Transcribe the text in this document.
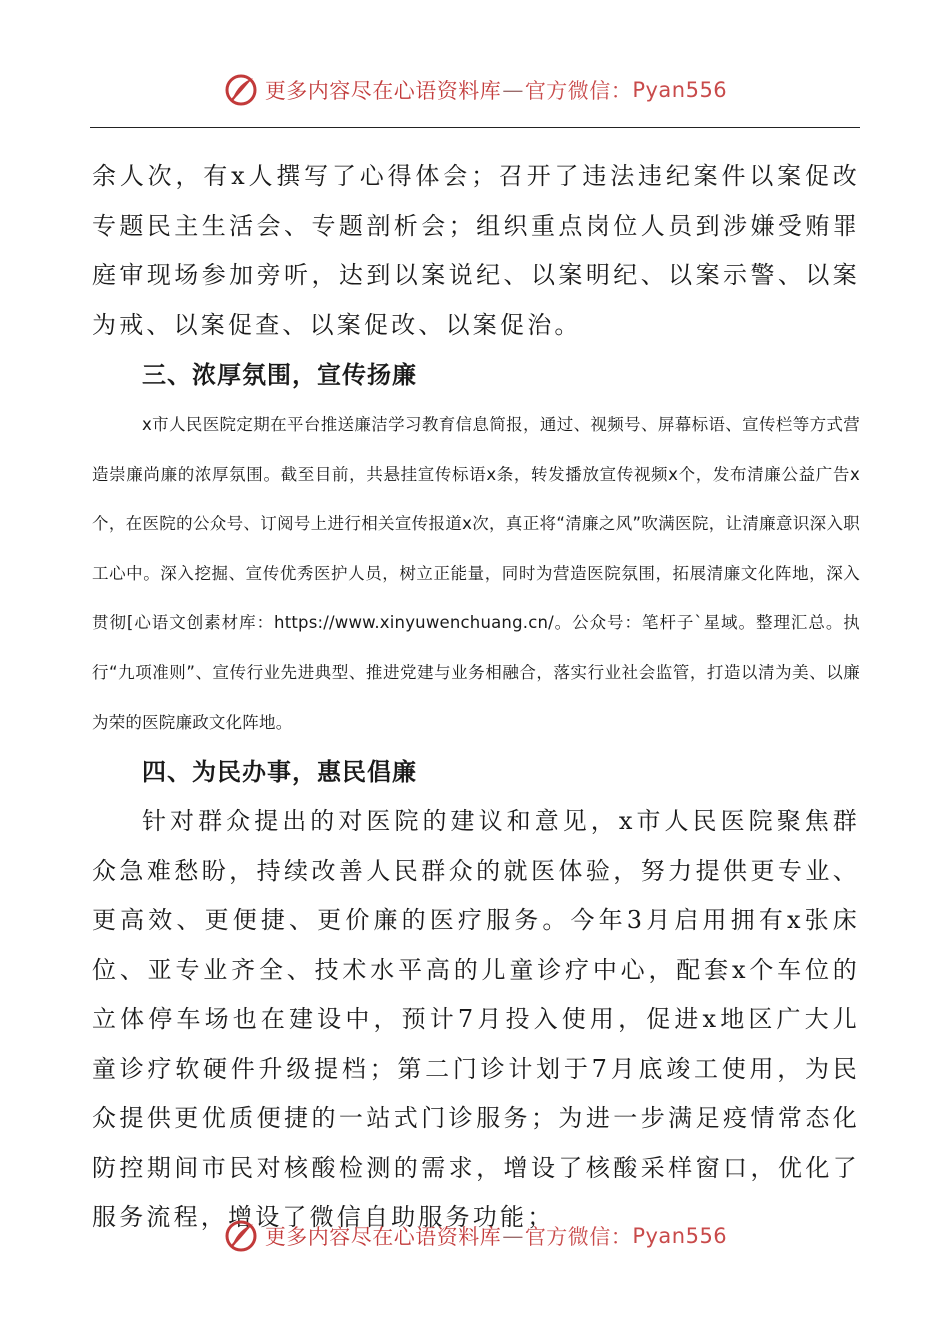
更多内容尽在心语资料库 — 官方微信： Pyan556

余人次，有x人撰写了心得体会；召开了违法违纪案件以案促改专题民主生活会、专题剖析会；组织重点岗位人员到涉嫌受贿罪庭审现场参加旁听，达到以案说纪、以案明纪、以案示警、以案为戒、以案促查、以案促改、以案促治。

三、浓厚氛围，宣传扬廉

x市人民医院定期在平台推送廉洁学习教育信息简报，通过、视频号、屏幕标语、宣传栏等方式营造崇廉尚廉的浓厚氛围。截至目前，共悬挂宣传标语x条，转发播放宣传视频x个，发布清廉公益广告x个，在医院的公众号、订阅号上进行相关宣传报道x次，真正将“清廉之风”吹满医院，让清廉意识深入职工心中。深入挖掘、宣传优秀医护人员，树立正能量，同时为营造医院氛围，拓展清廉文化阵地，深入贯彻[心语文创素材库：https://www.xinyuwenchuang.cn/。公众号：笔杆子`星域。整理汇总。执行“九项准则”、宣传行业先进典型、推进党建与业务相融合，落实行业社会监管，打造以清为美、以廉为荣的医院廉政文化阵地。

四、为民办事，惠民倡廉

针对群众提出的对医院的建议和意见，x市人民医院聚焦群众急难愁盼，持续改善人民群众的就医体验，努力提供更专业、更高效、更便捷、更价廉的医疗服务。今年3月启用拥有x张床位、亚专业齐全、技术水平高的儿童诊疗中心，配套x个车位的立体停车场也在建设中，预计7月投入使用，促进x地区广大儿童诊疗软硬件升级提档；第二门诊计划于7月底竣工使用，为民众提供更优质便捷的一站式门诊服务；为进一步满足疫情常态化防控期间市民对核酸检测的需求，增设了核酸采样窗口，优化了服务流程，增设了微信自助服务功能；

更多内容尽在心语资料库 — 官方微信： Pyan556
